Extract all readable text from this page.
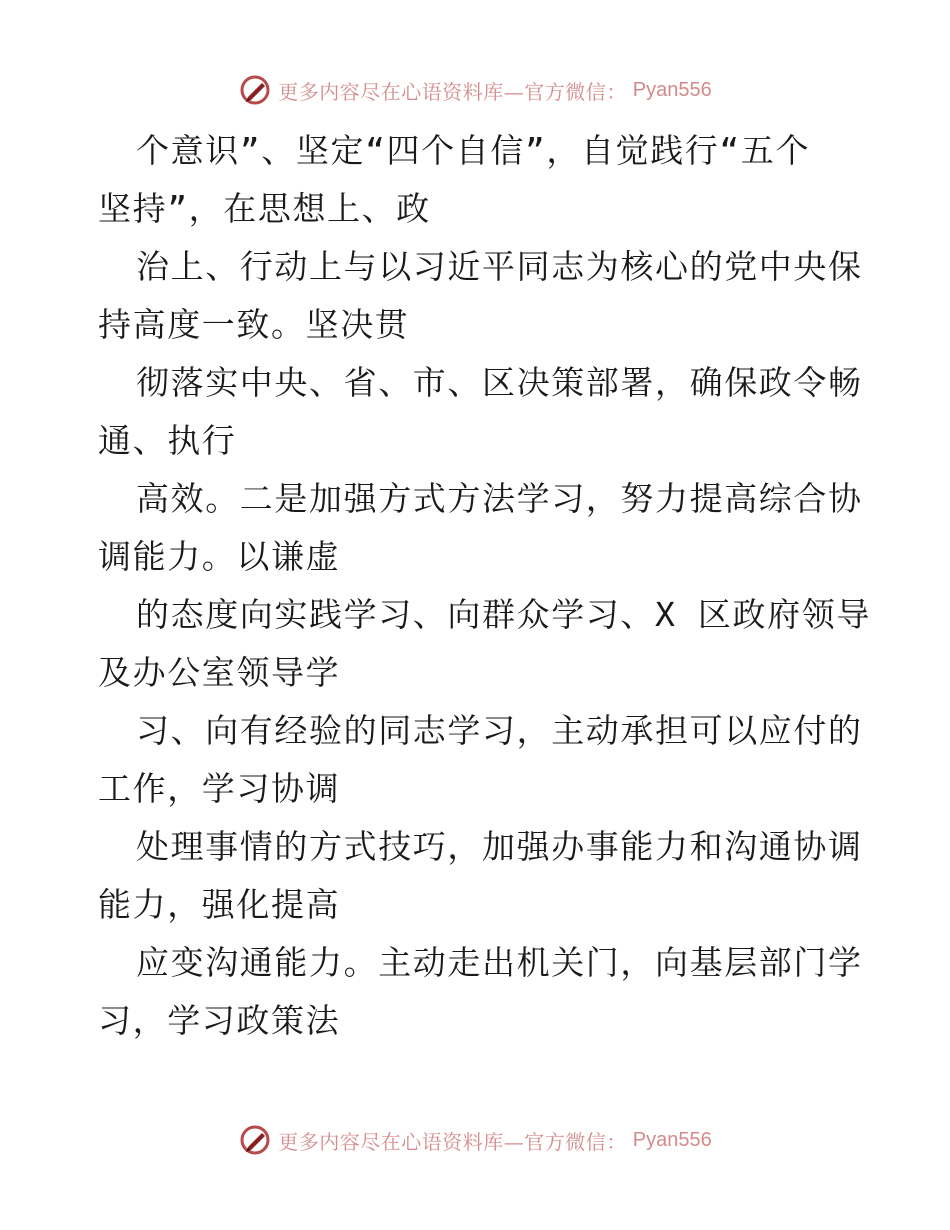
更多内容尽在心语资料库—官方微信： Pyan556

个意识”、坚定“四个自信”，自觉践行“五个
坚持”，在思想上、政

治上、行动上与以习近平同志为核心的党中央保
持高度一致。坚决贯

彻落实中央、省、市、区决策部署，确保政令畅
通、执行

高效。二是加强方式方法学习，努力提高综合协
调能力。以谦虚

的态度向实践学习、向群众学习、X 区政府领导
及办公室领导学

习、向有经验的同志学习，主动承担可以应付的
工作，学习协调

处理事情的方式技巧，加强办事能力和沟通协调
能力，强化提高

应变沟通能力。主动走出机关门，向基层部门学
习，学习政策法

更多内容尽在心语资料库—官方微信： Pyan556
